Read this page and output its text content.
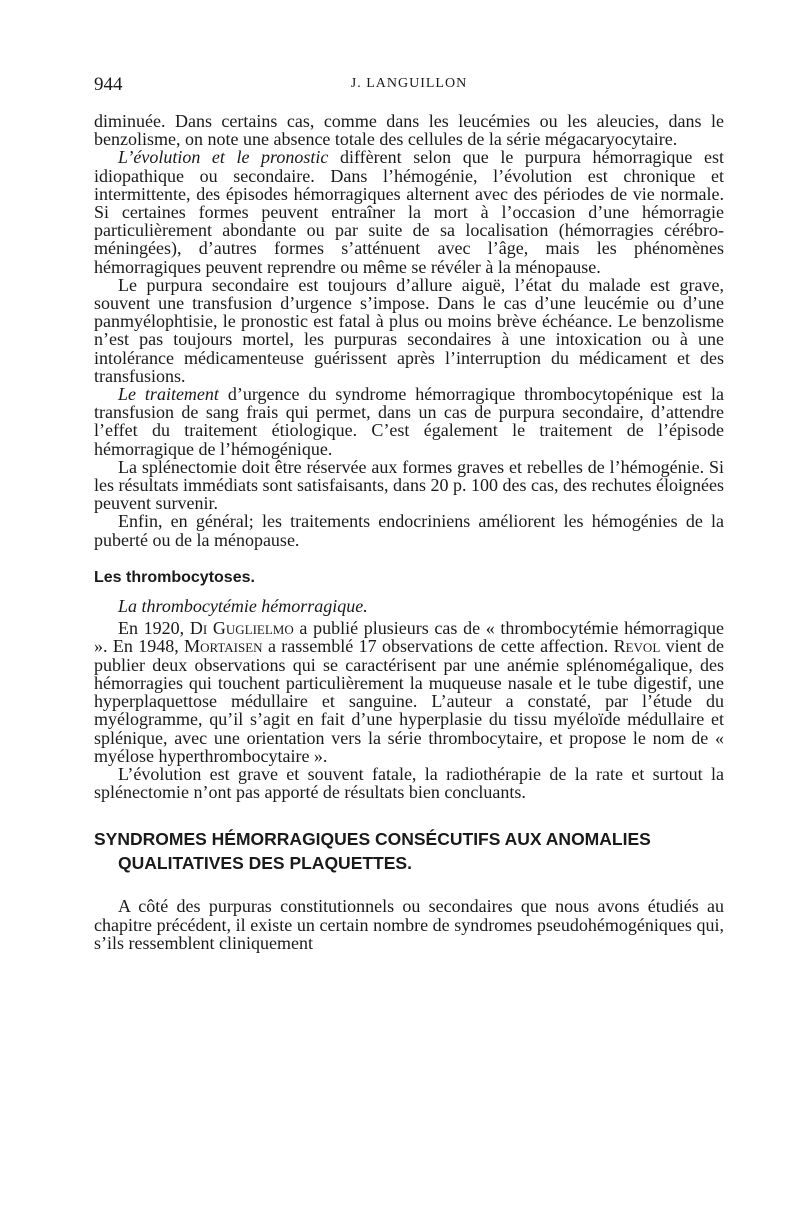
944	J. LANGUILLON

diminuée. Dans certains cas, comme dans les leucémies ou les aleucies, dans le benzolisme, on note une absence totale des cellules de la série mégacaryocytaire.

L’évolution et le pronostic diffèrent selon que le purpura hémorragique est idiopathique ou secondaire. Dans l’hémogénie, l’évolution est chronique et intermittente, des épisodes hémorragiques alternent avec des périodes de vie normale. Si certaines formes peuvent entraîner la mort à l’occasion d’une hémorragie particulièrement abondante ou par suite de sa localisation (hémorragies cérébro-méningées), d’autres formes s’atténuent avec l’âge, mais les phénomènes hémorragiques peuvent reprendre ou même se révéler à la ménopause.

Le purpura secondaire est toujours d’allure aiguë, l’état du malade est grave, souvent une transfusion d’urgence s’impose. Dans le cas d’une leucémie ou d’une panmyélophtisie, le pronostic est fatal à plus ou moins brève échéance. Le benzolisme n’est pas toujours mortel, les purpuras secondaires à une intoxication ou à une intolérance médicamenteuse guérissent après l’interruption du médicament et des transfusions.

Le traitement d’urgence du syndrome hémorragique thrombocytopénique est la transfusion de sang frais qui permet, dans un cas de purpura secondaire, d’attendre l’effet du traitement étiologique. C’est également le traitement de l’épisode hémorragique de l’hémogénique.

La splénectomie doit être réservée aux formes graves et rebelles de l’hémogénie. Si les résultats immédiats sont satisfaisants, dans 20 p. 100 des cas, des rechutes éloignées peuvent survenir.

Enfin, en général; les traitements endocriniens améliorent les hémogénies de la puberté ou de la ménopause.

Les thrombocytoses.
La thrombocytémie hémorragique.

En 1920, Di Guglielmo a publié plusieurs cas de « thrombocytémie hémorragique ». En 1948, Mortaisen a rassemblé 17 observations de cette affection. Revol vient de publier deux observations qui se caractérisent par une anémie splénomégalique, des hémorragies qui touchent particulièrement la muqueuse nasale et le tube digestif, une hyperplaquettose médullaire et sanguine. L’auteur a constaté, par l’étude du myélogramme, qu’il s’agit en fait d’une hyperplasie du tissu myéloïde médullaire et splénique, avec une orientation vers la série thrombocytaire, et propose le nom de « myélose hyperthrombocytaire ».

L’évolution est grave et souvent fatale, la radiothérapie de la rate et surtout la splénectomie n’ont pas apporté de résultats bien concluants.

SYNDROMES HÉMORRAGIQUES CONSÉCUTIFS AUX ANOMALIES
QUALITATIVES DES PLAQUETTES.

A côté des purpuras constitutionnels ou secondaires que nous avons étudiés au chapitre précédent, il existe un certain nombre de syndromes pseudohémogéniques qui, s’ils ressemblent cliniquement
